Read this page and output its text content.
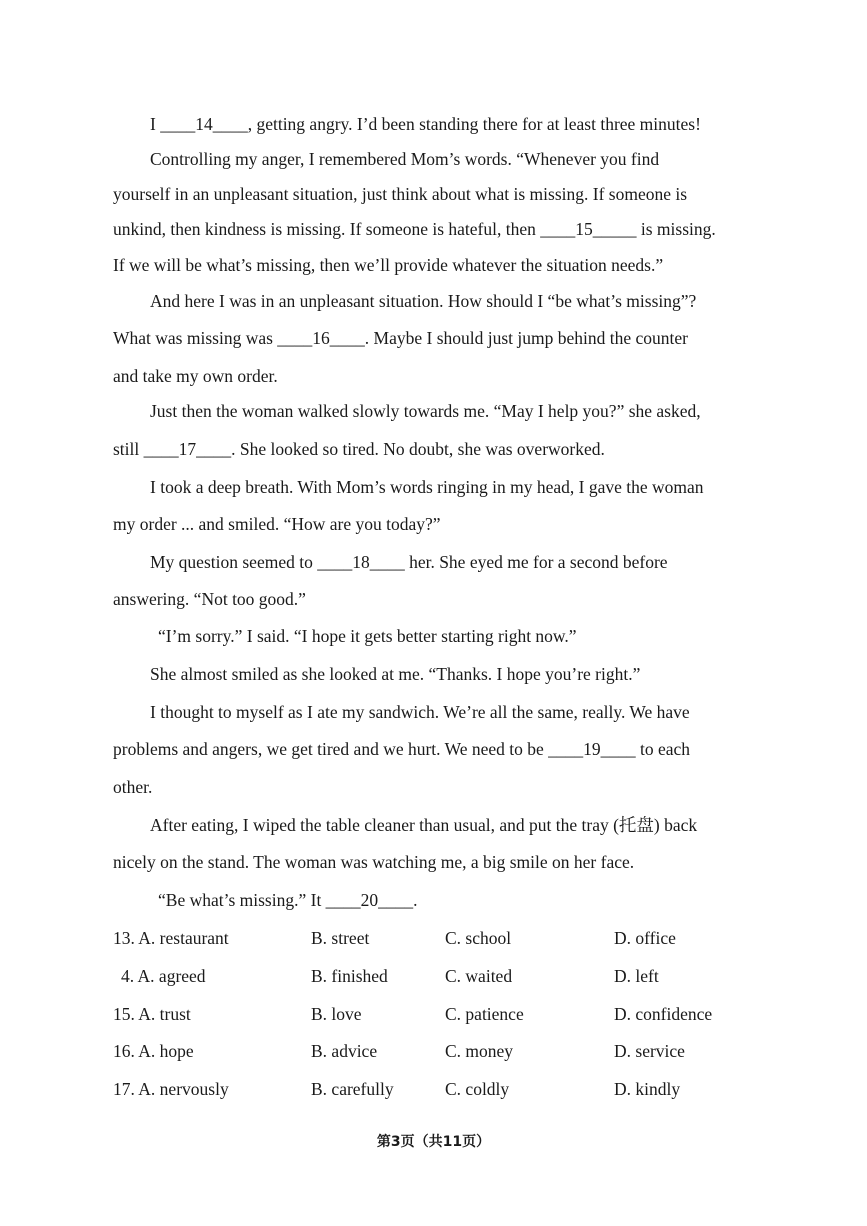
I ____14____, getting angry. I’d been standing there for at least three minutes!
Controlling my anger, I remembered Mom’s words. “Whenever you find
yourself in an unpleasant situation, just think about what is missing. If someone is
unkind, then kindness is missing. If someone is hateful, then ____15_____ is missing.
If we will be what’s missing, then we’ll provide whatever the situation needs.”
And here I was in an unpleasant situation. How should I “be what’s missing”?
What was missing was ____16____. Maybe I should just jump behind the counter
and take my own order.
Just then the woman walked slowly towards me. “May I help you?” she asked,
still ____17____. She looked so tired. No doubt, she was overworked.
I took a deep breath. With Mom’s words ringing in my head, I gave the woman
my order ... and smiled. “How are you today?”
My question seemed to ____18____ her. She eyed me for a second before
answering. “Not too good.”
“I’m sorry.” I said. “I hope it gets better starting right now.”
She almost smiled as she looked at me. “Thanks. I hope you’re right.”
I thought to myself as I ate my sandwich. We’re all the same, really. We have
problems and angers, we get tired and we hurt. We need to be ____19____ to each
other.
After eating, I wiped the table cleaner than usual, and put the tray (托盘) back
nicely on the stand. The woman was watching me, a big smile on her face.
“Be what’s missing.” It ____20____.
13. A. restaurant	B. street	C. school	D. office
4. A. agreed	B. finished	C. waited	D. left
15. A. trust	B. love	C. patience	D. confidence
16. A. hope	B. advice	C. money	D. service
17. A. nervously	B. carefully	C. coldly	D. kindly
第3页（共11页）
